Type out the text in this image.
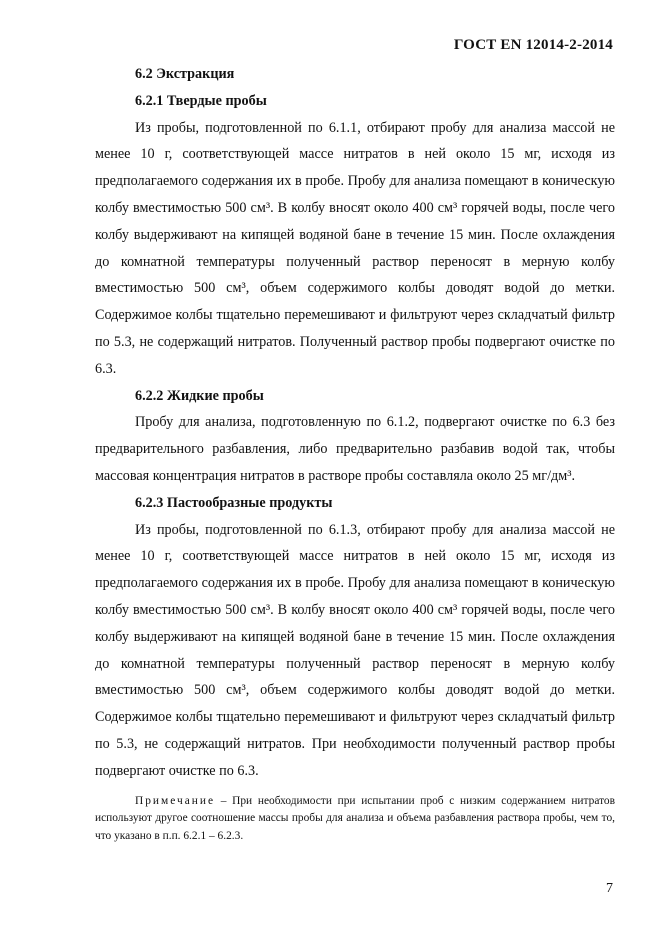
ГОСТ EN 12014-2-2014

6.2 Экстракция

6.2.1 Твердые пробы

Из пробы, подготовленной по 6.1.1, отбирают пробу для анализа массой не менее 10 г, соответствующей массе нитратов в ней около 15 мг, исходя из предполагаемого содержания их в пробе. Пробу для анализа помещают в коническую колбу вместимостью 500 см³. В колбу вносят около 400 см³ горячей воды, после чего колбу выдерживают на кипящей водяной бане в течение 15 мин. После охлаждения до комнатной температуры полученный раствор переносят в мерную колбу вместимостью 500 см³, объем содержимого колбы доводят водой до метки. Содержимое колбы тщательно перемешивают и фильтруют через складчатый фильтр по 5.3, не содержащий нитратов. Полученный раствор пробы подвергают очистке по 6.3.

6.2.2 Жидкие пробы

Пробу для анализа, подготовленную по 6.1.2, подвергают очистке по 6.3 без предварительного разбавления, либо предварительно разбавив водой так, чтобы массовая концентрация нитратов в растворе пробы составляла около 25 мг/дм³.

6.2.3 Пастообразные продукты

Из пробы, подготовленной по 6.1.3, отбирают пробу для анализа массой не менее 10 г, соответствующей массе нитратов в ней около 15 мг, исходя из предполагаемого содержания их в пробе. Пробу для анализа помещают в коническую колбу вместимостью 500 см³. В колбу вносят около 400 см³ горячей воды, после чего колбу выдерживают на кипящей водяной бане в течение 15 мин. После охлаждения до комнатной температуры полученный раствор переносят в мерную колбу вместимостью 500 см³, объем содержимого колбы доводят водой до метки. Содержимое колбы тщательно перемешивают и фильтруют через складчатый фильтр по 5.3, не содержащий нитратов. При необходимости полученный раствор пробы подвергают очистке по 6.3.

Примечание – При необходимости при испытании проб с низким содержанием нитратов используют другое соотношение массы пробы для анализа и объема разбавления раствора пробы, чем то, что указано в п.п. 6.2.1 – 6.2.3.

7
